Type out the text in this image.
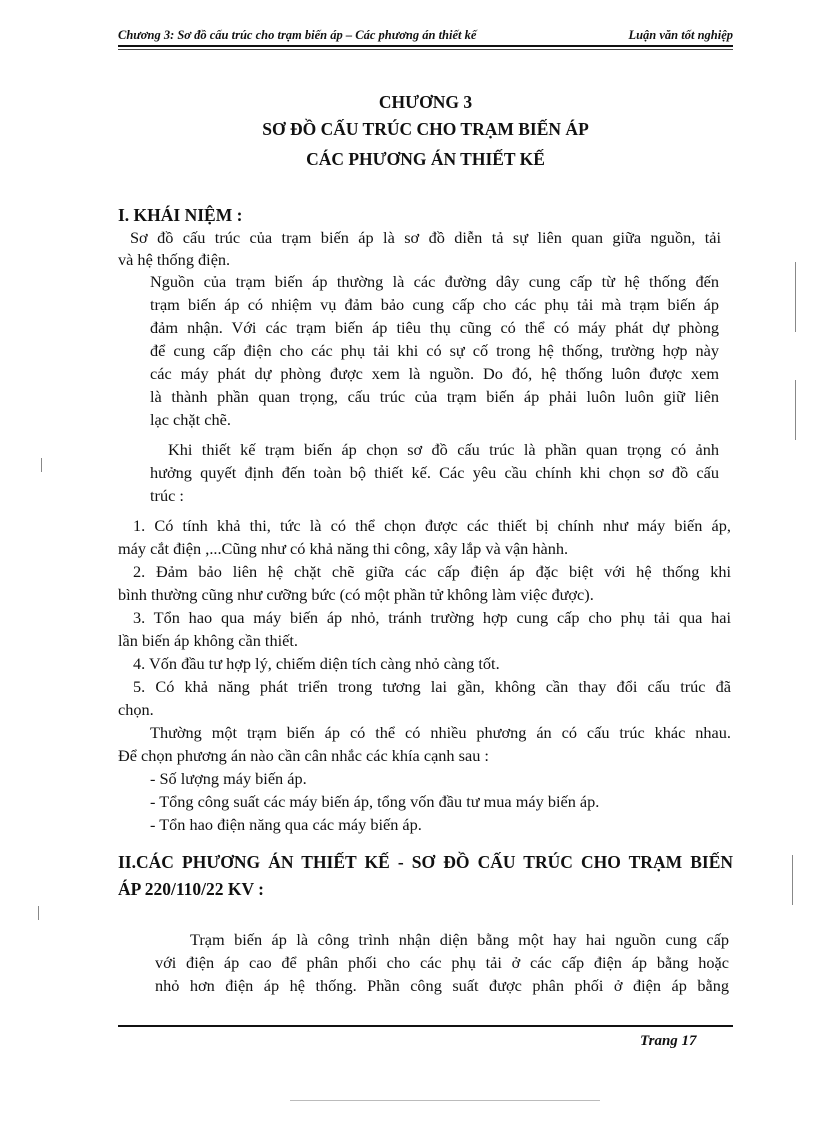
Chương 3: Sơ đồ cấu trúc cho trạm biến áp – Các phương án thiết kế	Luận văn tốt nghiệp
CHƯƠNG 3
SƠ ĐỒ CẤU TRÚC CHO TRẠM BIẾN ÁP
CÁC PHƯƠNG ÁN THIẾT KẾ
I. KHÁI NIỆM :
Sơ đồ cấu trúc của trạm biến áp là sơ đồ diễn tả sự liên quan giữa nguồn, tải
và hệ thống điện.
Nguồn của trạm biến áp thường là các đường dây cung cấp từ hệ thống đến
trạm biến áp có nhiệm vụ đảm bảo cung cấp cho các phụ tải mà trạm biến áp
đảm nhận. Với các trạm biến áp tiêu thụ cũng có thể có máy phát dự phòng
để cung cấp điện cho các phụ tải khi có sự cố trong hệ thống, trường hợp này
các máy phát dự phòng được xem là nguồn. Do đó, hệ thống luôn được xem
là thành phần quan trọng, cấu trúc của trạm biến áp phải luôn luôn giữ liên
lạc chặt chẽ.
Khi thiết kế trạm biến áp chọn sơ đồ cấu trúc là phần quan trọng có ảnh
hưởng quyết định đến toàn bộ thiết kế. Các yêu cầu chính khi chọn sơ đồ cấu
trúc :
1. Có tính khả thi, tức là có thể chọn được các thiết bị chính như máy biến áp,
máy cắt điện ,...Cũng như có khả năng thi công, xây lắp và vận hành.
2. Đảm bảo liên hệ chặt chẽ giữa các cấp điện áp đặc biệt với hệ thống khi
bình thường cũng như cưỡng bức (có một phần tử không làm việc được).
3. Tổn hao qua máy biến áp nhỏ, tránh trường hợp cung cấp cho phụ tải qua hai
lần biến áp không cần thiết.
4. Vốn đầu tư hợp lý, chiếm diện tích càng nhỏ càng tốt.
5. Có khả năng phát triển trong tương lai gần, không cần thay đổi cấu trúc đã
chọn.
Thường một trạm biến áp có thể có nhiều phương án có cấu trúc khác nhau.
Để chọn phương án nào cần cân nhắc các khía cạnh sau :
- Số lượng máy biến áp.
- Tổng công suất các máy biến áp, tổng vốn đầu tư mua máy biến áp.
- Tổn hao điện năng qua các máy biến áp.
II.CÁC PHƯƠNG ÁN THIẾT KẾ - SƠ ĐỒ CẤU TRÚC CHO TRẠM BIẾN
ÁP 220/110/22 KV :
Trạm biến áp là công trình nhận diện bằng một hay hai nguồn cung cấp
với điện áp cao để phân phối cho các phụ tải ở các cấp điện áp bằng hoặc
nhỏ hơn điện áp hệ thống. Phần công suất được phân phối ở điện áp bằng
Trang 17
